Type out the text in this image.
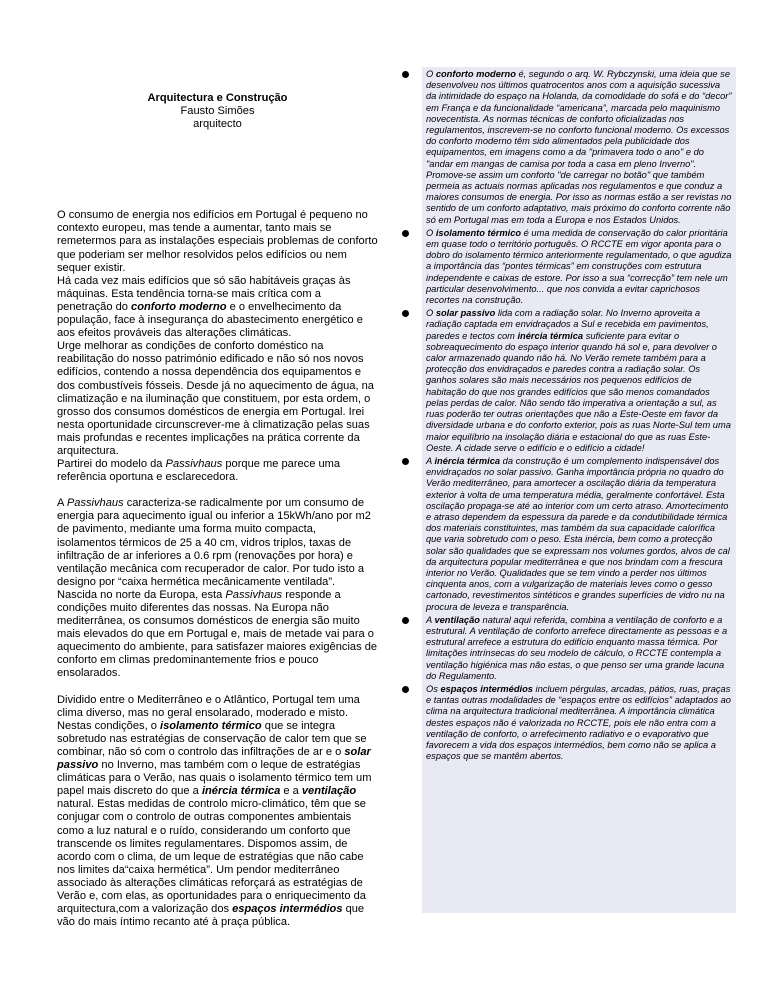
Arquitectura e Construção
Fausto Simões
arquitecto

O consumo de energia nos edifícios em Portugal é pequeno no contexto europeu, mas tende a aumentar, tanto mais se remetermos para as instalações especiais problemas de conforto que poderiam ser melhor resolvidos pelos edifícios ou nem sequer existir.

Há cada vez mais edifícios que só são habitáveis graças às máquinas. Esta tendência torna-se mais crítica com a penetração do conforto moderno e o envelhecimento da população, face à insegurança do abastecimento energético e aos efeitos prováveis das alterações climáticas.

Urge melhorar as condições de conforto doméstico na reabilitação do nosso património edificado e não só nos novos edifícios, contendo a nossa dependência dos equipamentos e dos combustíveis fósseis. Desde já no aquecimento de água, na climatização e na iluminação que constituem, por esta ordem, o grosso dos consumos domésticos de energia em Portugal. Irei nesta oportunidade circunscrever-me à climatização pelas suas mais profundas e recentes implicações na prática corrente da arquitectura.

Partirei do modelo da Passivhaus porque me parece uma referência oportuna e esclarecedora.

A Passivhaus caracteriza-se radicalmente por um consumo de energia para aquecimento igual ou inferior a 15kWh/ano por m2 de pavimento, mediante uma forma muito compacta, isolamentos térmicos de 25 a 40 cm, vidros triplos, taxas de infiltração de ar inferiores a 0.6 rpm (renovações por hora) e ventilação mecânica com recuperador de calor. Por tudo isto a designo por “caixa hermética mecânicamente ventilada”.

Nascida no norte da Europa, esta Passivhaus responde a condições muito diferentes das nossas. Na Europa não mediterrânea, os consumos domésticos de energia são muito mais elevados do que em Portugal e, mais de metade vai para o aquecimento do ambiente, para satisfazer maiores exigências de conforto em climas predominantemente frios e pouco ensolarados.

Dividido entre o Mediterrâneo e o Atlântico, Portugal tem uma clima diverso, mas no geral ensolarado, moderado e misto. Nestas condições, o isolamento térmico que se integra sobretudo nas estratégias de conservação de calor tem que se combinar, não só com o controlo das infiltrações de ar e o solar passivo no Inverno, mas também com o leque de estratégias climáticas para o Verão, nas quais o isolamento térmico tem um papel mais discreto do que a inércia térmica e a ventilação natural. Estas medidas de controlo micro-climático, têm que se conjugar com o controlo de outras componentes ambientais como a luz natural e o ruído, considerando um conforto que transcende os limites regulamentares. Dispomos assim, de acordo com o clima, de um leque de estratégias que não cabe nos limites da“caixa hermética”. Um pendor mediterrâneo associado às alterações climáticas reforçará as estratégias de Verão e, com elas, as oportunidades para o enriquecimento da arquitectura,com a valorização dos espaços intermédios que vão do mais íntimo recanto até à praça pública.

O conforto moderno é, segundo o arq. W. Rybczynski, uma ideia que se desenvolveu nos últimos quatrocentos anos com a aquisição sucessiva da intimidade do espaço na Holanda, da comodidade do sofá e do “decor” em França e da funcionalidade “americana”, marcada pelo maquinismo novecentista. As normas técnicas de conforto oficializadas nos regulamentos, inscrevem-se no conforto funcional moderno. Os excessos do conforto moderno têm sido alimentados pela publicidade dos equipamentos, em imagens como a da "primavera todo o ano" e do "andar em mangas de camisa por toda a casa em pleno Inverno". Promove-se assim um conforto "de carregar no botão" que também permeia as actuais normas aplicadas nos regulamentos e que conduz a maiores consumos de energia. Por isso as normas estão a ser revistas no sentido de um conforto adaptativo, mais próximo do conforto corrente não só em Portugal mas em toda a Europa e nos Estados Unidos.
O isolamento térmico é uma medida de conservação do calor prioritária em quase todo o território português. O RCCTE em vigor aponta para o dobro do isolamento térmico anteriormente regulamentado, o que agudiza a importância das “pontes térmicas” em construções com estrutura independente e caixas de estore. Por isso a sua “correcção” tem nele um particular desenvolvimento... que nos convida a evitar caprichosos recortes na construção.
O solar passivo lida com a radiação solar. No Inverno aproveita a radiação captada em envidraçados a Sul e recebida em pavimentos, paredes e tectos com inércia térmica suficiente para evitar o sobreaquecimento do espaço interior quando há sol e, para devolver o calor armazenado quando não há. No Verão remete também para a protecção dos envidraçados e paredes contra a radiação solar. Os ganhos solares são mais necessários nos pequenos edifícios de habitação do que nos grandes edifícios que são menos comandados pelas perdas de calor. Não sendo tão imperativa a orientação a sul, as ruas poderão ter outras orientações que não a Este-Oeste em favor da diversidade urbana e do conforto exterior, pois as ruas Norte-Sul tem uma maior equilíbrio na insolação diária e estacional do que as ruas Este-Oeste. A cidade serve o edifício e o edifício a cidade!
A inércia térmica da construção é um complemento indispensável dos envidraçados no solar passivo. Ganha importância própria no quadro do Verão mediterrâneo, para amortecer a oscilação diária da temperatura exterior à volta de uma temperatura média, geralmente confortável. Esta oscilação propaga-se até ao interior com um certo atraso. Amortecimento e atraso dependem da espessura da parede e da condutibilidade térmica dos materiais constituintes, mas também da sua capacidade calorífica que varia sobretudo com o peso. Esta inércia, bem como a protecção solar são qualidades que se expressam nos volumes gordos, alvos de cal da arquitectura popular mediterrânea e que nos brindam com a frescura interior no Verão. Qualidades que se tem vindo a perder nos últimos cinquenta anos, com a vulgarização de materiais leves como o gesso cartonado, revestimentos sintéticos e grandes superfícies de vidro nu na procura de leveza e transparência.
A ventilação natural aqui referida, combina a ventilação de conforto e a estrutural. A ventilação de conforto arrefece directamente as pessoas e a estrutural arrefece a estrutura do edifício enquanto massa térmica. Por limitações intrínsecas do seu modelo de cálculo, o RCCTE contempla a ventilação higiénica mas não estas, o que penso ser uma grande lacuna do Regulamento.
Os espaços intermédios incluem pérgulas, arcadas, pátios, ruas, praças e tantas outras modalidades de “espaços entre os edifícios” adaptados ao clima na arquitectura tradicional mediterrânea. A importância climática destes espaços não é valorizada no RCCTE, pois ele não entra com a ventilação de conforto, o arrefecimento radiativo e o evaporativo que favorecem a vida dos espaços intermédios, bem como não se aplica a espaços que se mantêm abertos.
